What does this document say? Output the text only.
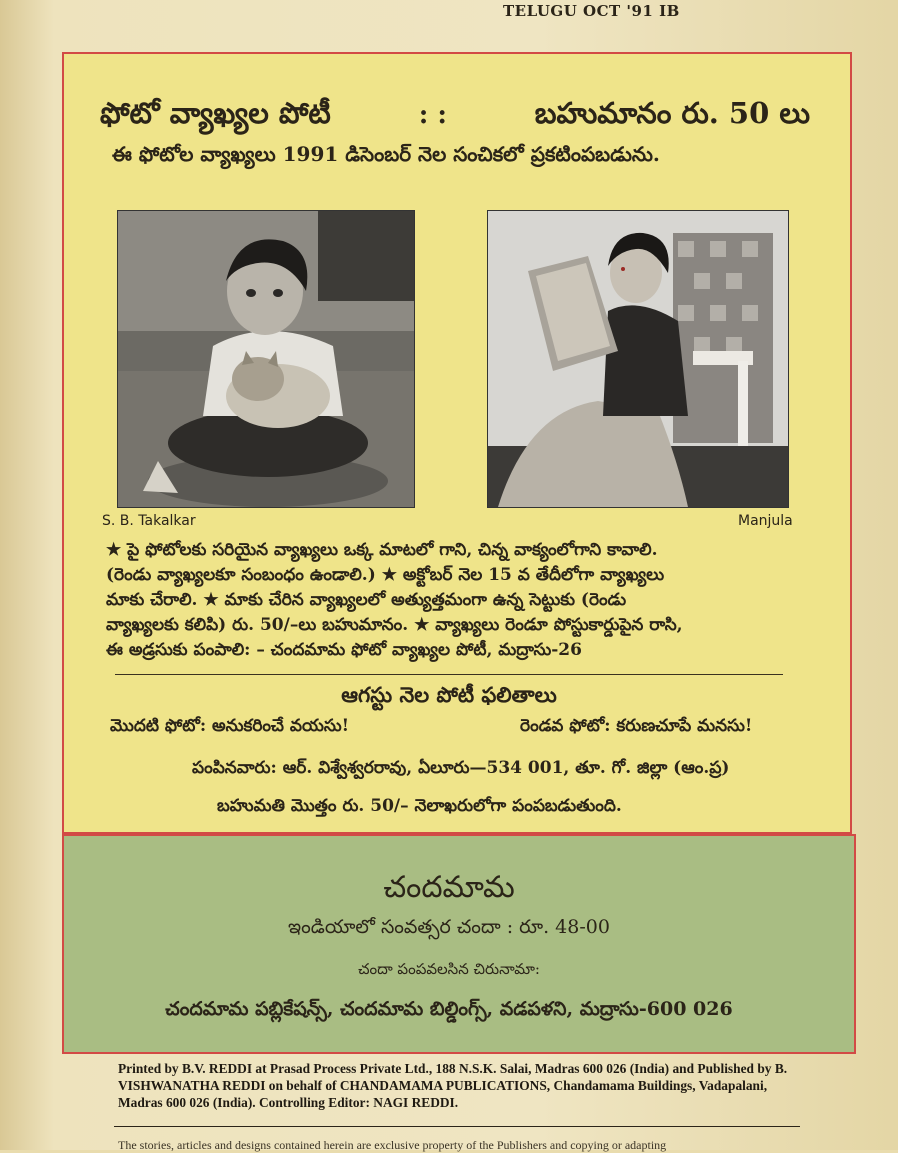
TELUGU OCT '91 IB
ఫోటో వ్యాఖ్యల పోటీ	: :	బహుమానం రు. 50 లు
ఈ ఫోటోల వ్యాఖ్యలు 1991 డిసెంబర్ నెల సంచికలో ప్రకటింపబడును.
S. B. Takalkar	Manjula
★ పై ఫోటోలకు సరియైన వ్యాఖ్యలు ఒక్క మాటలో గాని, చిన్న వాక్యంలోగాని కావాలి.
(రెండు వ్యాఖ్యలకూ సంబంధం ఉండాలి.) ★ అక్టోబర్ నెల 15 వ తేదీలోగా వ్యాఖ్యలు
మాకు చేరాలి. ★ మాకు చేరిన వ్యాఖ్యలలో అత్యుత్తమంగా ఉన్న సెట్టుకు (రెండు
వ్యాఖ్యలకు కలిపి) రు. 50/–లు బహుమానం. ★ వ్యాఖ్యలు రెండూ పోస్టుకార్డుపైన రాసి,
ఈ అడ్రసుకు పంపాలి: – చందమామ ఫోటో వ్యాఖ్యల పోటీ, మద్రాసు-26
ఆగస్టు నెల పోటీ ఫలితాలు
మొదటి ఫోటో: అనుకరించే వయసు!	రెండవ ఫోటో: కరుణచూపే మనసు!
పంపినవారు: ఆర్. విశ్వేశ్వరరావు, ఏలూరు—534 001, తూ. గో. జిల్లా (ఆం.ప్ర)
బహుమతి మొత్తం రు. 50/– నెలాఖరులోగా పంపబడుతుంది.
చందమామ
ఇండియాలో సంవత్సర చందా : రూ. 48-00
చందా పంపవలసిన చిరునామా:
చందమామ పబ్లికేషన్స్, చందమామ బిల్డింగ్స్, వడపళని, మద్రాసు-600 026
Printed by B.V. REDDI at Prasad Process Private Ltd., 188 N.S.K. Salai, Madras 600 026 (India) and Published by B. VISHWANATHA REDDI on behalf of CHANDAMAMA PUBLICATIONS, Chandamama Buildings, Vadapalani, Madras 600 026 (India). Controlling Editor: NAGI REDDI.
The stories, articles and designs contained herein are exclusive property of the Publishers and copying or adapting
